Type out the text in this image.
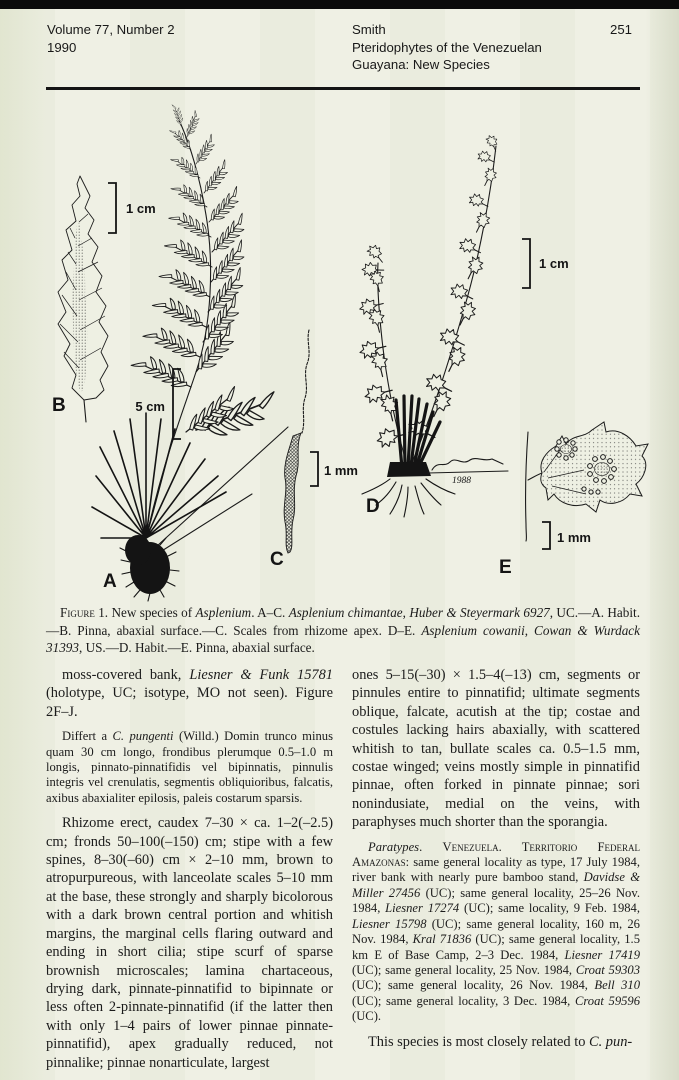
Volume 77, Number 2
1990
Smith
Pteridophytes of the Venezuelan
Guayana: New Species
251
1988
1 cm
5 cm
1 mm
1 cm
1 mm
A
B
C
D
E
Figure 1. New species of Asplenium. A–C. Asplenium chimantae, Huber & Steyermark 6927, UC.—A. Habit.—B. Pinna, abaxial surface.—C. Scales from rhizome apex. D–E. Asplenium cowanii, Cowan & Wurdack 31393, US.—D. Habit.—E. Pinna, abaxial surface.

moss-covered bank, Liesner & Funk 15781 (holotype, UC; isotype, MO not seen). Figure 2F–J.

Differt a C. pungenti (Willd.) Domin trunco minus quam 30 cm longo, frondibus plerumque 0.5–1.0 m longis, pinnato-pinnatifidis vel bipinnatis, pinnulis integris vel crenulatis, segmentis obliquioribus, falcatis, axibus abaxialiter epilosis, paleis costarum sparsis.

Rhizome erect, caudex 7–30 × ca. 1–2(–2.5) cm; fronds 50–100(–150) cm; stipe with a few spines, 8–30(–60) cm × 2–10 mm, brown to atropurpureous, with lanceolate scales 5–10 mm at the base, these strongly and sharply bicolorous with a dark brown central portion and whitish margins, the marginal cells flaring outward and ending in short cilia; stipe scurf of sparse brownish microscales; lamina chartaceous, drying dark, pinnate-pinnatifid to bipinnate or less often 2-pinnate-pinnatifid (if the latter then with only 1–4 pairs of lower pinnae pinnate-pinnatifid), apex gradually reduced, not pinnalike; pinnae nonarticulate, largest

ones 5–15(–30) × 1.5–4(–13) cm, segments or pinnules entire to pinnatifid; ultimate segments oblique, falcate, acutish at the tip; costae and costules lacking hairs abaxially, with scattered whitish to tan, bullate scales ca. 0.5–1.5 mm, costae winged; veins mostly simple in pinnatifid pinnae, often forked in pinnate pinnae; sori nonindusiate, medial on the veins, with paraphyses much shorter than the sporangia.

Paratypes. Venezuela. Territorio Federal Amazonas: same general locality as type, 17 July 1984, river bank with nearly pure bamboo stand, Davidse & Miller 27456 (UC); same general locality, 25–26 Nov. 1984, Liesner 17274 (UC); same locality, 9 Feb. 1984, Liesner 15798 (UC); same general locality, 160 m, 26 Nov. 1984, Kral 71836 (UC); same general locality, 1.5 km E of Base Camp, 2–3 Dec. 1984, Liesner 17419 (UC); same general locality, 25 Nov. 1984, Croat 59303 (UC); same general locality, 26 Nov. 1984, Bell 310 (UC); same general locality, 3 Dec. 1984, Croat 59596 (UC).

This species is most closely related to C. pun-
